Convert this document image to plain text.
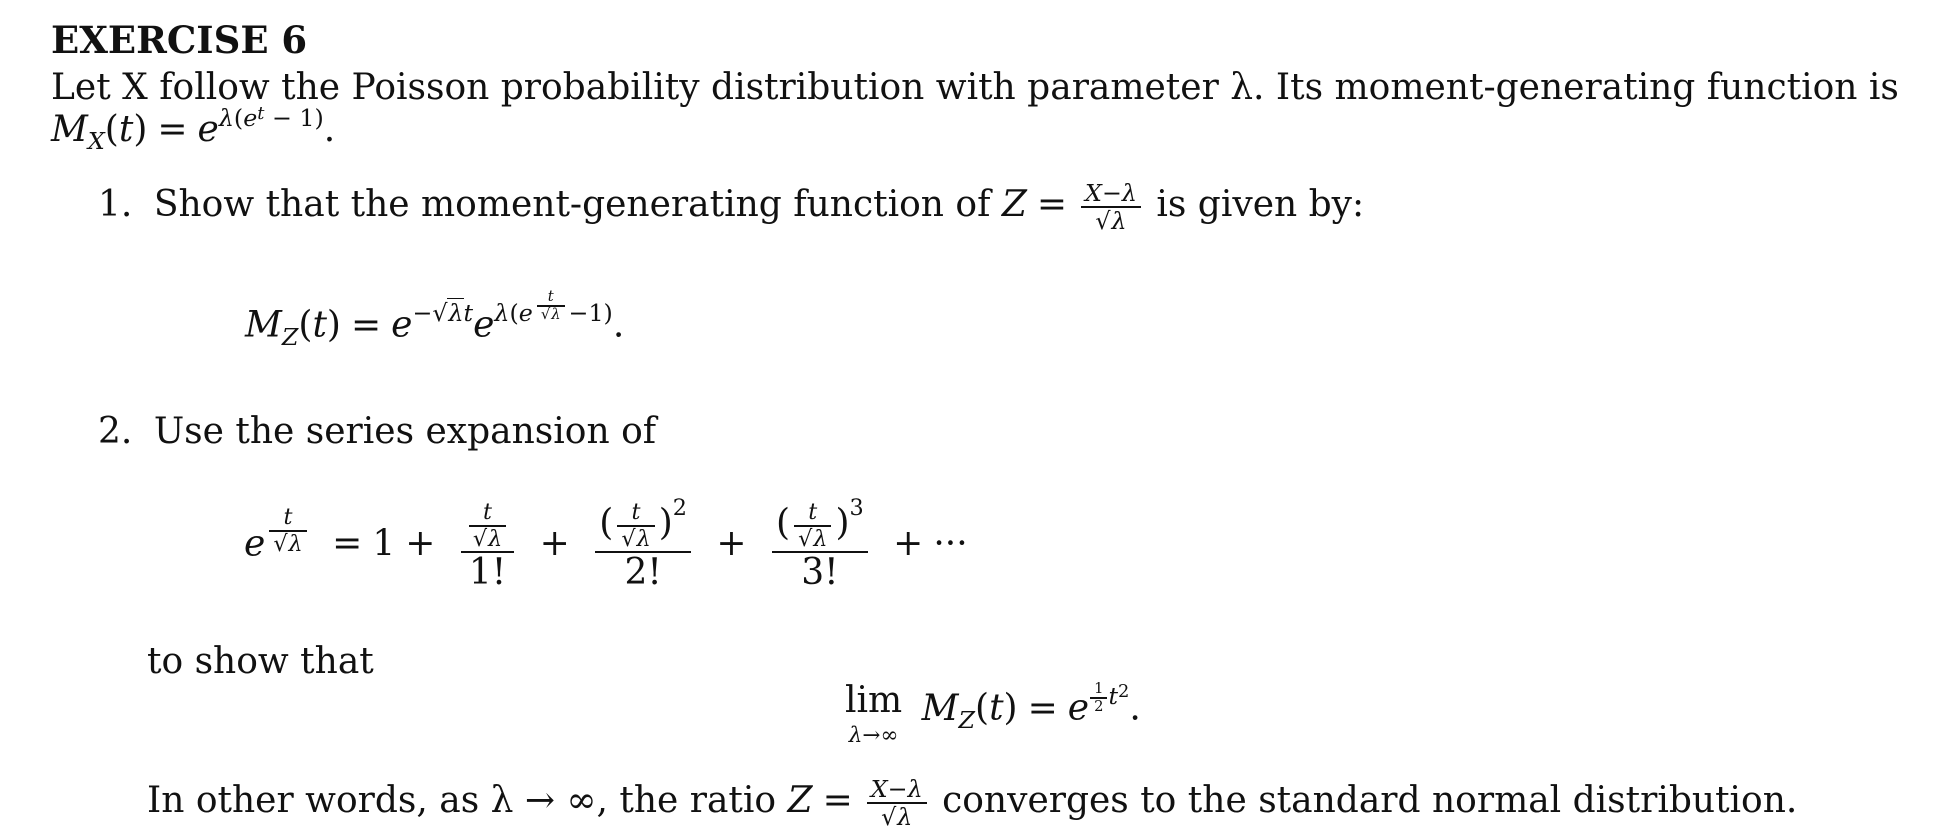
EXERCISE 6
Let X follow the Poisson probability distribution with parameter λ. Its moment-generating function is
$M_X(t) = e^{\lambda(e^t - 1)}$.
1. Show that the moment-generating function of $Z = \frac{X-\lambda}{√\lambda}$ is given by:
$M_Z(t) = e^{-√\lambda t}e^{\lambda(e \frac{t}{√\lambda} -1)}$.
2. Use the series expansion of
e $\frac{t}{√\lambda} = 1 + \frac{\frac{t}{√\lambda}}{1!} + \frac{( \frac{t}{√\lambda} )^2}{2!} + \frac{( \frac{t}{√\lambda} )^3}{3!}$ + ···
to show that
lim
λ→∞
$M_Z(t) = e$ $^{\frac{1}{2} t^2}$.
In other words, as λ → ∞, the ratio $Z = \frac{X-\lambda}{√\lambda}$ converges to the standard normal distribution.
